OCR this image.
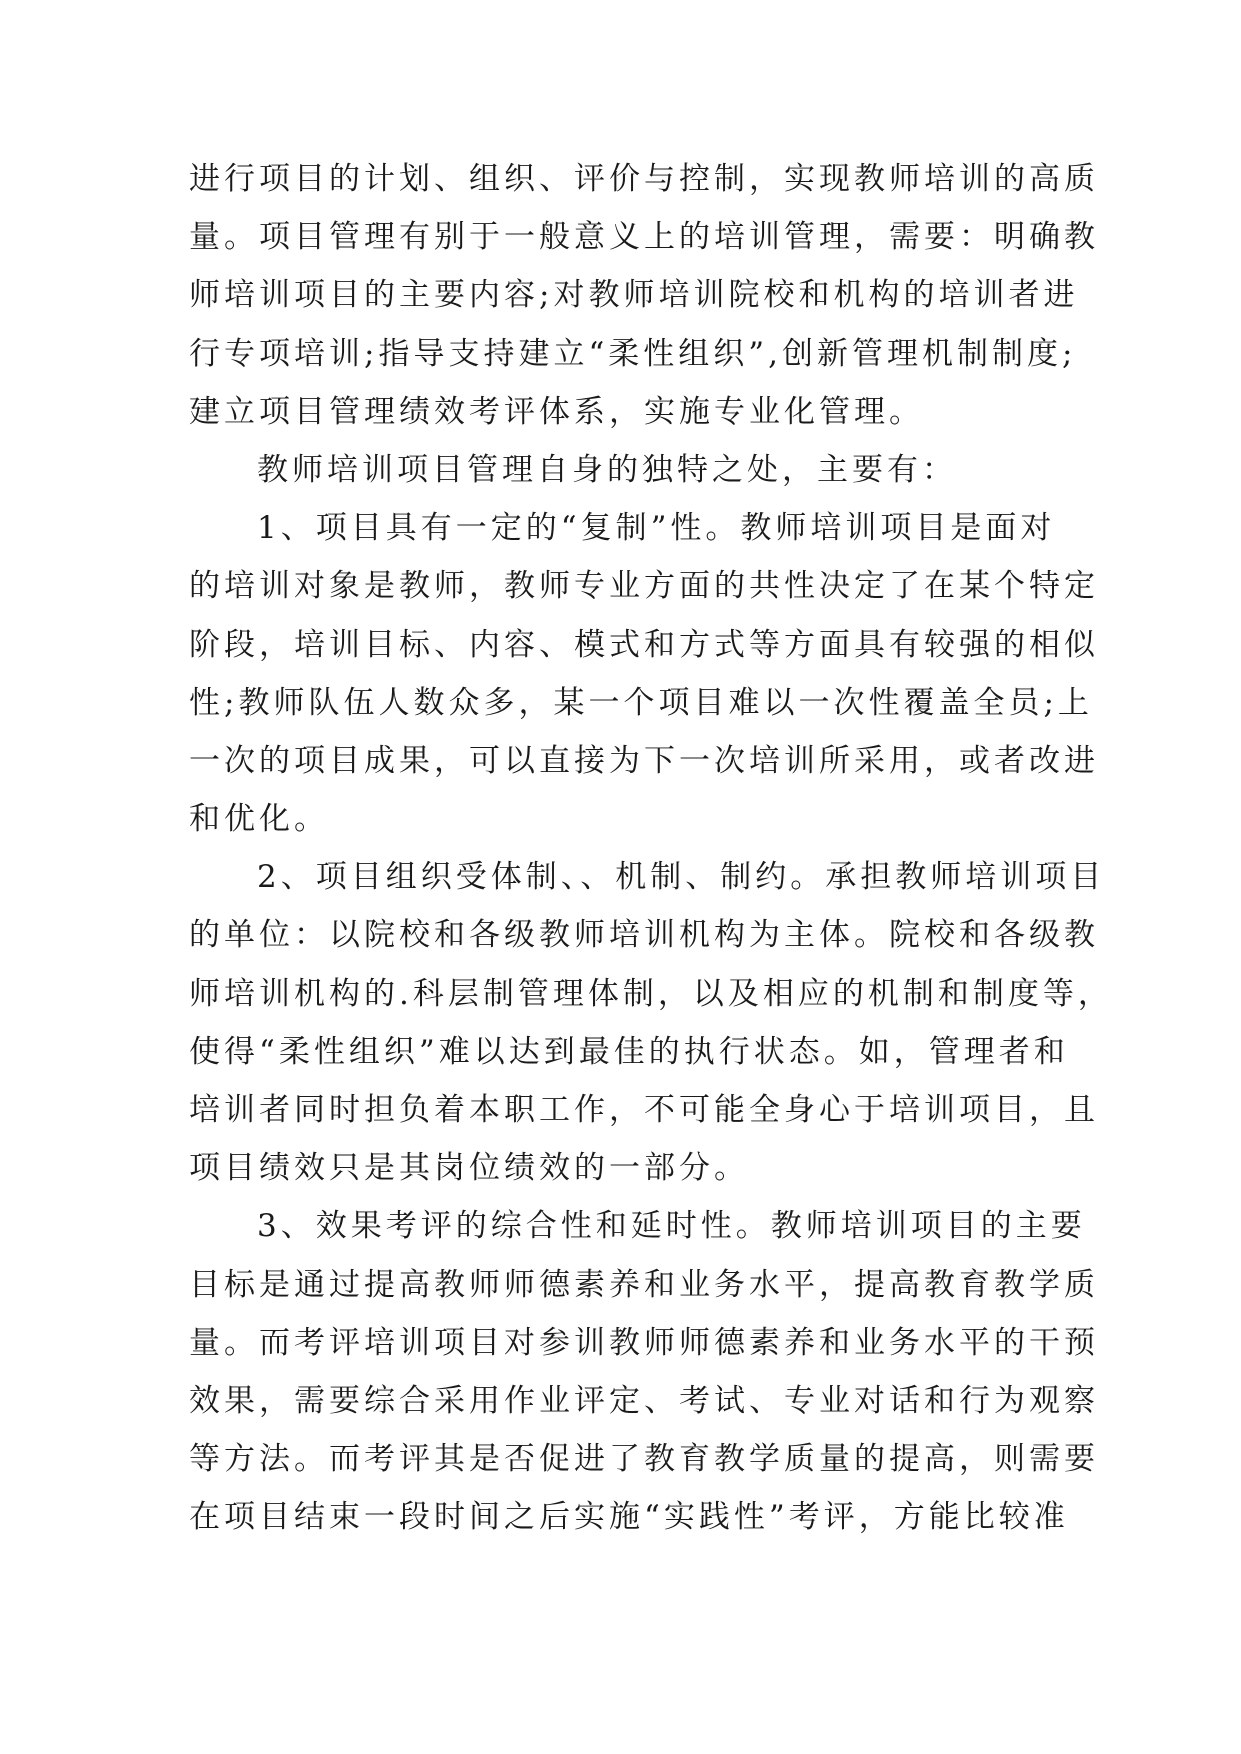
进行项目的计划、组织、评价与控制，实现教师培训的高质
量。项目管理有别于一般意义上的培训管理，需要：明确教
师培训项目的主要内容;对教师培训院校和机构的培训者进
行专项培训;指导支持建立“柔性组织”,创新管理机制制度;
建立项目管理绩效考评体系，实施专业化管理。
教师培训项目管理自身的独特之处，主要有：
1、项目具有一定的“复制”性。教师培训项目是面对
的培训对象是教师，教师专业方面的共性决定了在某个特定
阶段，培训目标、内容、模式和方式等方面具有较强的相似
性;教师队伍人数众多，某一个项目难以一次性覆盖全员;上
一次的项目成果，可以直接为下一次培训所采用，或者改进
和优化。
2、项目组织受体制、、机制、制约。承担教师培训项目
的单位：以院校和各级教师培训机构为主体。院校和各级教
师培训机构的.科层制管理体制，以及相应的机制和制度等，
使得“柔性组织”难以达到最佳的执行状态。如，管理者和
培训者同时担负着本职工作，不可能全身心于培训项目，且
项目绩效只是其岗位绩效的一部分。
3、效果考评的综合性和延时性。教师培训项目的主要
目标是通过提高教师师德素养和业务水平，提高教育教学质
量。而考评培训项目对参训教师师德素养和业务水平的干预
效果，需要综合采用作业评定、考试、专业对话和行为观察
等方法。而考评其是否促进了教育教学质量的提高，则需要
在项目结束一段时间之后实施“实践性”考评，方能比较准
